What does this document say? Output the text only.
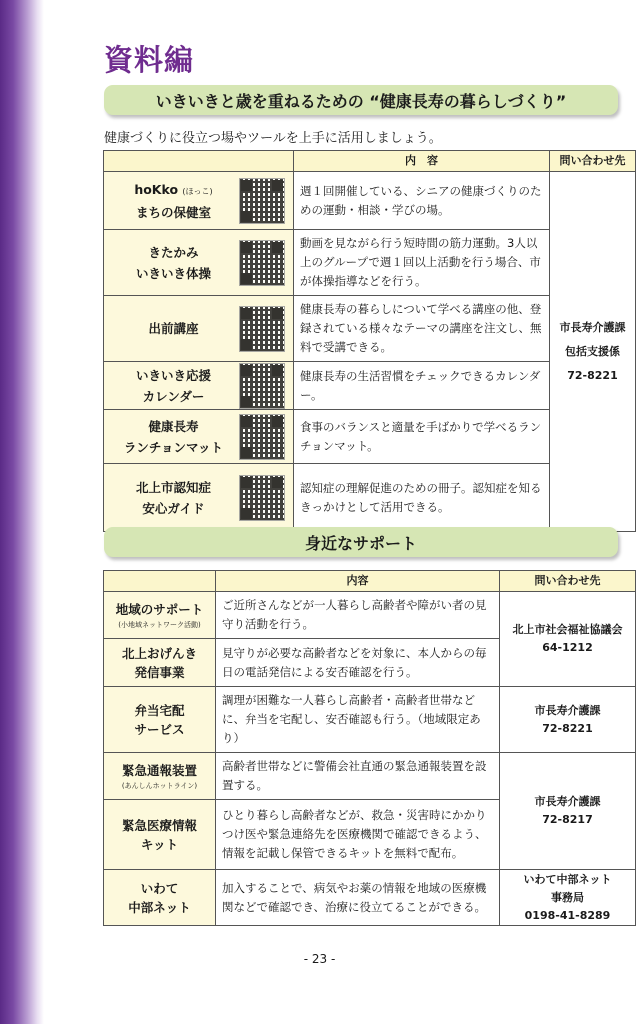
資料編
いきいきと歳を重ねるための “健康長寿の暮らしづくり”
健康づくりに役立つ場やツールを上手に活用しましょう。
	内　容	問い合わせ先

hoKko (ほっこ)
まちの保健室	週１回開催している、シニアの健康づくりのための運動・相談・学びの場。	市長寿介護課
包括支援係
72-8221

きたかみ
いきいき体操	動画を見ながら行う短時間の筋力運動。3人以上のグループで週１回以上活動を行う場合、市が体操指導などを行う。	

出前講座	健康長寿の暮らしについて学べる講座の他、登録されている様々なテーマの講座を注文し、無料で受講できる。	

いきいき応援
カレンダー	健康長寿の生活習慣をチェックできるカレンダー。	

健康長寿
ランチョンマット	食事のバランスと適量を手ばかりで学べるランチョンマット。	

北上市認知症
安心ガイド	認知症の理解促進のための冊子。認知症を知るきっかけとして活用できる。	
身近なサポート
	内容	問い合わせ先
地域のサポート
(小地域ネットワーク活動)	ご近所さんなどが一人暮らし高齢者や障がい者の見守り活動を行う。	北上市社会福祉協議会
64-1212
北上おげんき
発信事業	見守りが必要な高齢者などを対象に、本人からの毎日の電話発信による安否確認を行う。	
弁当宅配
サービス	調理が困難な一人暮らし高齢者・高齢者世帯などに、弁当を宅配し、安否確認も行う。（地域限定あり）	市長寿介護課
72-8221
緊急通報装置
(あんしんホットライン)	高齢者世帯などに警備会社直通の緊急通報装置を設置する。	市長寿介護課
72-8217
緊急医療情報
キット	ひとり暮らし高齢者などが、救急・災害時にかかりつけ医や緊急連絡先を医療機関で確認できるよう、情報を記載し保管できるキットを無料で配布。	
いわて
中部ネット	加入することで、病気やお薬の情報を地域の医療機関などで確認でき、治療に役立てることができる。	いわて中部ネット
事務局
0198-41-8289
- 23 -
